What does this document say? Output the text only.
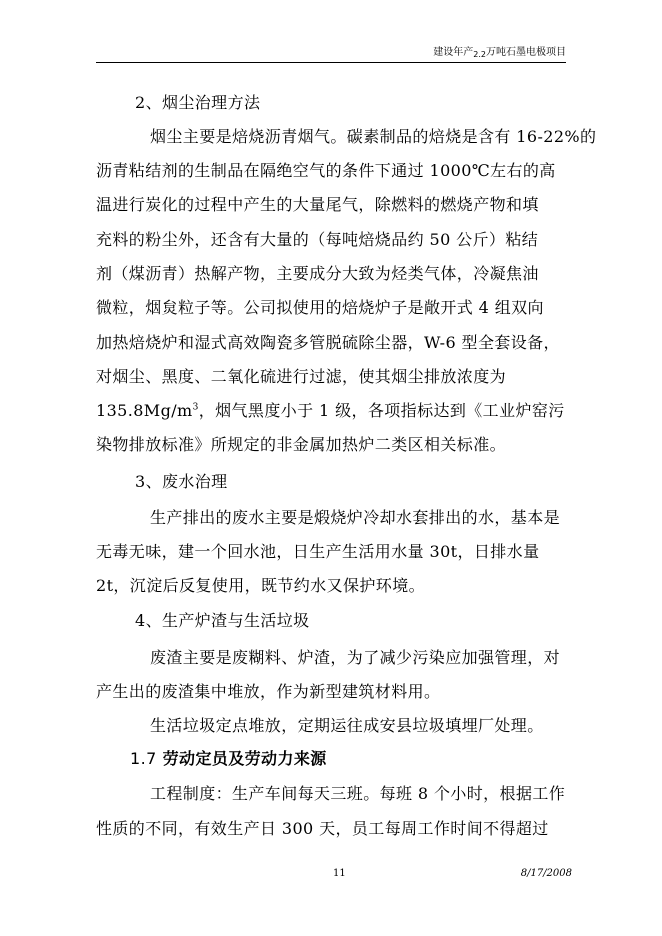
建设年产$_{2.2}$万吨石墨电极项目
2、烟尘治理方法
烟尘主要是焙烧沥青烟气。碳素制品的焙烧是含有 16-22%的
沥青粘结剂的生制品在隔绝空气的条件下通过 1000℃左右的高
温进行炭化的过程中产生的大量尾气，除燃料的燃烧产物和填
充料的粉尘外，还含有大量的（每吨焙烧品约 50 公斤）粘结
剂（煤沥青）热解产物，主要成分大致为烃类气体，冷凝焦油
微粒，烟炱粒子等。公司拟使用的焙烧炉子是敞开式 4 组双向
加热焙烧炉和湿式高效陶瓷多管脱硫除尘器，W-6 型全套设备，
对烟尘、黑度、二氧化硫进行过滤，使其烟尘排放浓度为
$135.8Mg/m^3$，烟气黑度小于 1 级，各项指标达到《工业炉窑污
染物排放标准》所规定的非金属加热炉二类区相关标准。
3、废水治理
生产排出的废水主要是煅烧炉冷却水套排出的水，基本是
无毒无味，建一个回水池，日生产生活用水量 30t，日排水量
2t，沉淀后反复使用，既节约水又保护环境。
4、生产炉渣与生活垃圾
废渣主要是废糊料、炉渣，为了减少污染应加强管理，对
产生出的废渣集中堆放，作为新型建筑材料用。
生活垃圾定点堆放，定期运往成安县垃圾填埋厂处理。
1.7 劳动定员及劳动力来源
工程制度：生产车间每天三班。每班 8 个小时，根据工作
性质的不同，有效生产日 300 天，员工每周工作时间不得超过
11	8/17/2008
